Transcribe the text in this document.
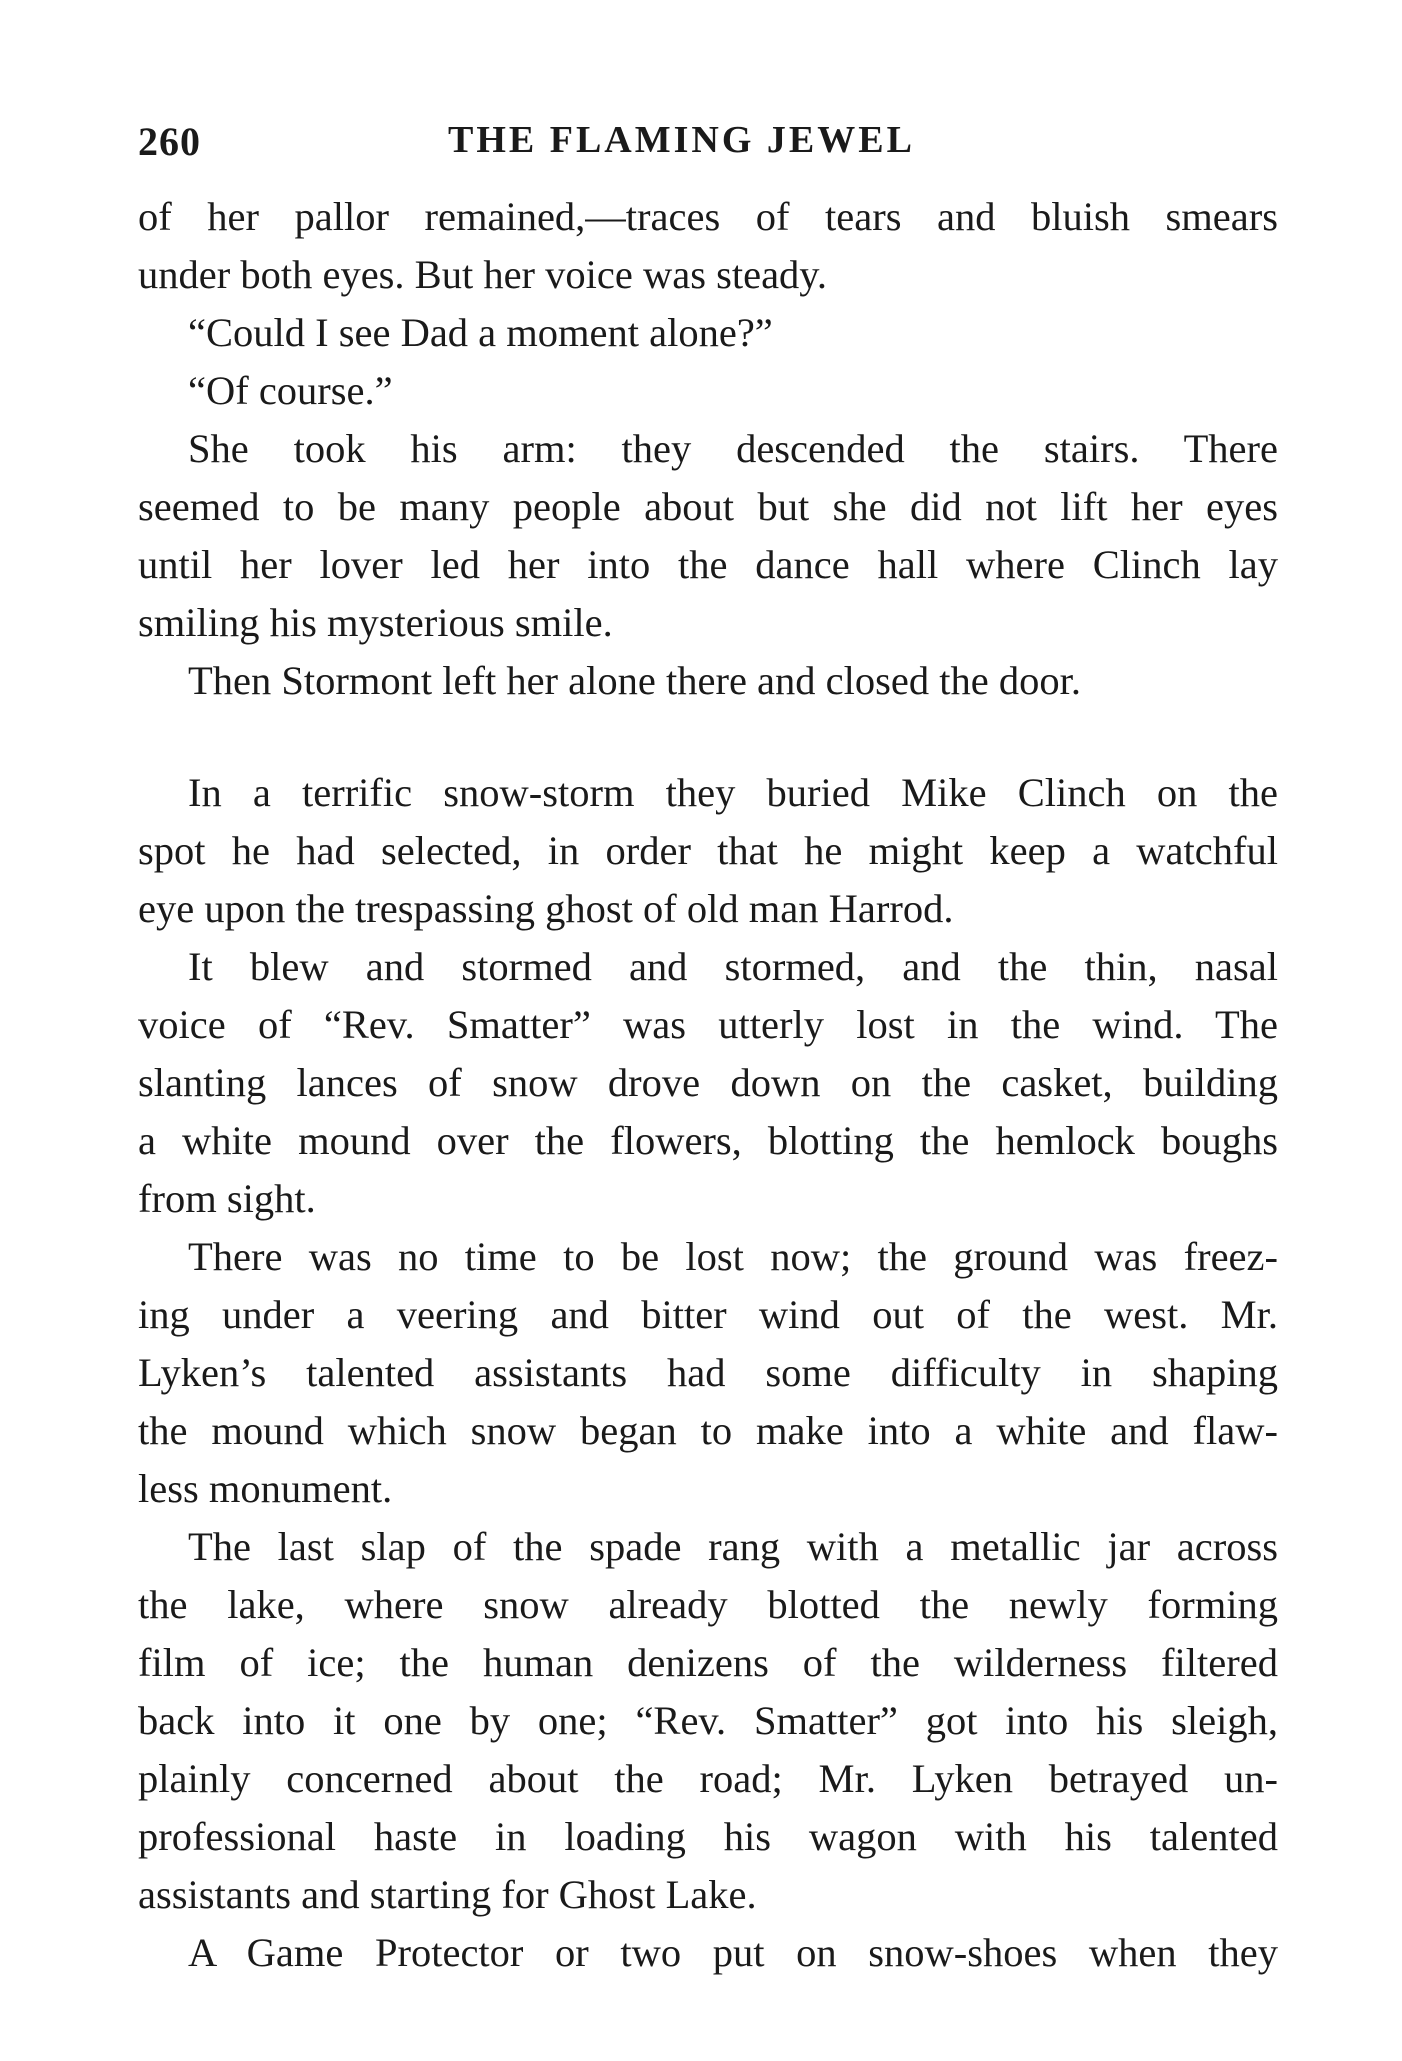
260	THE FLAMING JEWEL
of her pallor remained,—traces of tears and bluish smears
under both eyes. But her voice was steady.
“Could I see Dad a moment alone?”
“Of course.”
She took his arm: they descended the stairs. There
seemed to be many people about but she did not lift her eyes
until her lover led her into the dance hall where Clinch lay
smiling his mysterious smile.
Then Stormont left her alone there and closed the door.
In a terrific snow-storm they buried Mike Clinch on the
spot he had selected, in order that he might keep a watchful
eye upon the trespassing ghost of old man Harrod.
It blew and stormed and stormed, and the thin, nasal
voice of “Rev. Smatter” was utterly lost in the wind. The
slanting lances of snow drove down on the casket, building
a white mound over the flowers, blotting the hemlock boughs
from sight.
There was no time to be lost now; the ground was freez-
ing under a veering and bitter wind out of the west. Mr.
Lyken’s talented assistants had some difficulty in shaping
the mound which snow began to make into a white and flaw-
less monument.
The last slap of the spade rang with a metallic jar across
the lake, where snow already blotted the newly forming
film of ice; the human denizens of the wilderness filtered
back into it one by one; “Rev. Smatter” got into his sleigh,
plainly concerned about the road; Mr. Lyken betrayed un-
professional haste in loading his wagon with his talented
assistants and starting for Ghost Lake.
A Game Protector or two put on snow-shoes when they
